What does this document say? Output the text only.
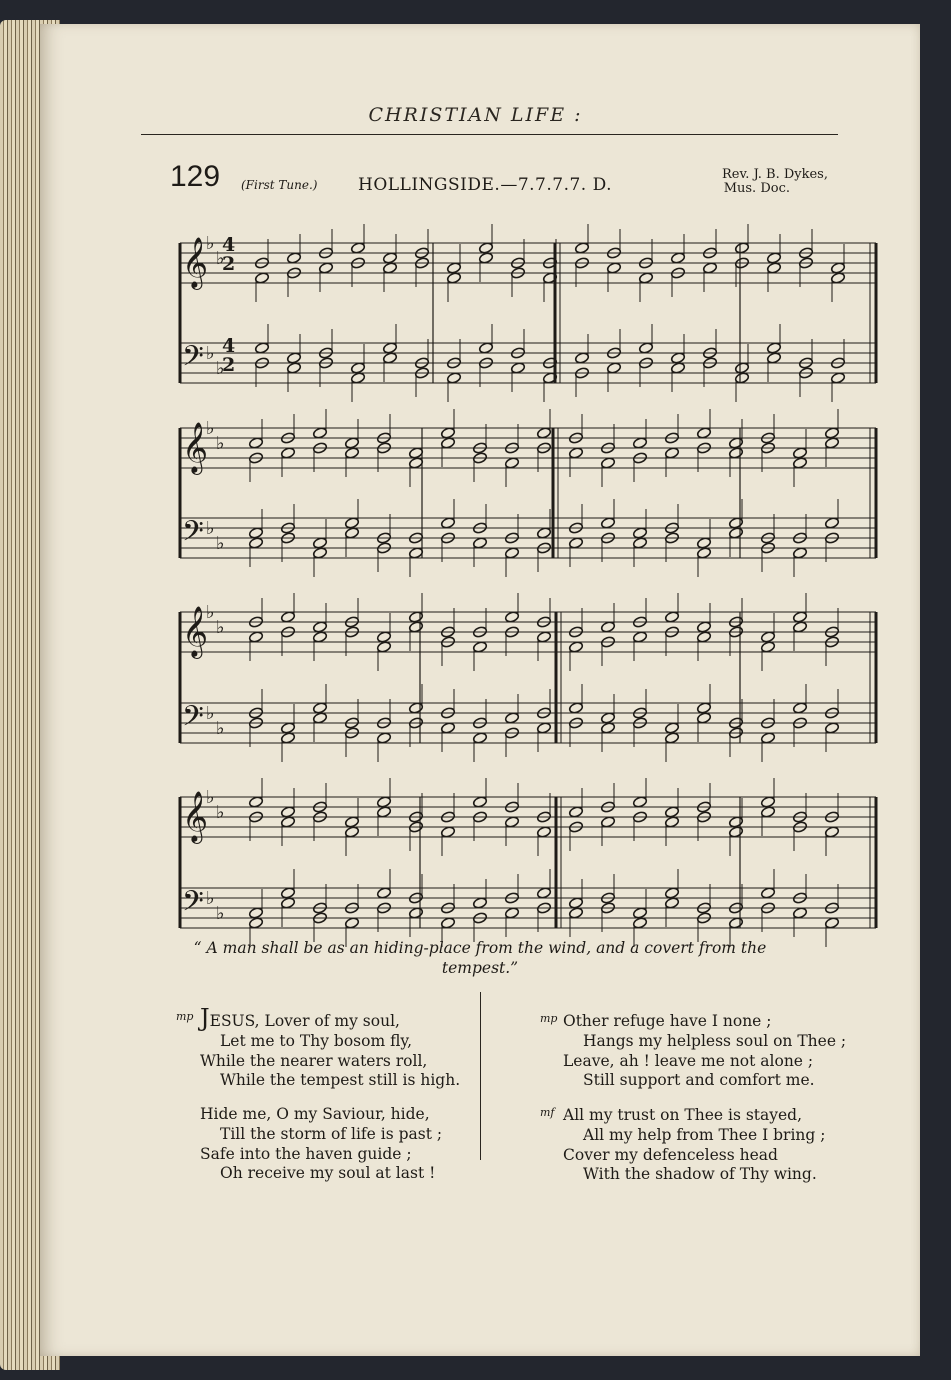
CHRISTIAN LIFE :
129 (First Tune.) HOLLINGSIDE.—7.7.7.7. D.
Rev. J. B. Dykes,
Mus. Doc.
4
2
4
2
𝄞
♭
♭
𝄢 ♭
♭
𝄞
♭
♭
𝄢 ♭
♭
𝄞
♭
♭
𝄢 ♭
♭
𝄞
♭
♭
𝄢 ♭
♭
“ A man shall be as an hiding-place from the wind, and a covert from the
tempest.”
mp JESUS, Lover of my soul,
Let me to Thy bosom fly,
While the nearer waters roll,
While the tempest still is high.
Hide me, O my Saviour, hide,
Till the storm of life is past ;
Safe into the haven guide ;
Oh receive my soul at last !
mp Other refuge have I none ;
Hangs my helpless soul on Thee ;
Leave, ah ! leave me not alone ;
Still support and comfort me.
mf All my trust on Thee is stayed,
All my help from Thee I bring ;
Cover my defenceless head
With the shadow of Thy wing.
